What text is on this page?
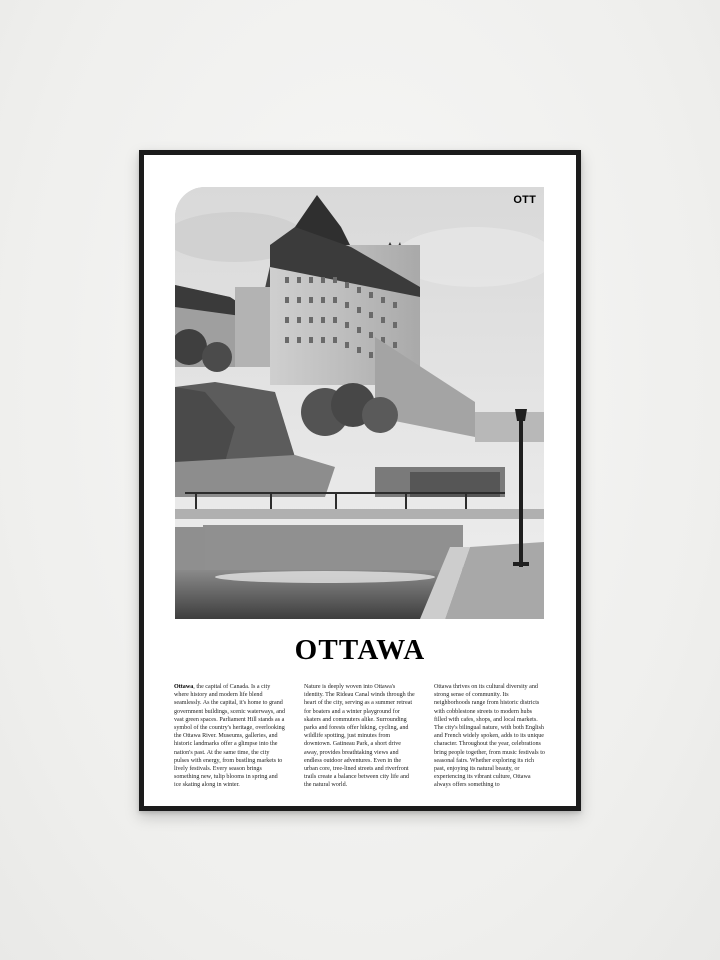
OTT
OTTAWA
Ottawa, the capital of Canada. Is a city where history and modern life blend seamlessly. As the capital, it's home to grand government buildings, scenic waterways, and vast green spaces. Parliament Hill stands as a symbol of the country's heritage, overlooking the Ottawa River. Museums, galleries, and historic landmarks offer a glimpse into the nation's past. At the same time, the city pulses with energy, from bustling markets to lively festivals. Every season brings something new, tulip blooms in spring and ice skating along in winter.
Nature is deeply woven into Ottawa's identity. The Rideau Canal winds through the heart of the city, serving as a summer retreat for boaters and a winter playground for skaters and commuters alike. Surrounding parks and forests offer hiking, cycling, and wildlife spotting, just minutes from downtown. Gatineau Park, a short drive away, provides breathtaking views and endless outdoor adventures. Even in the urban core, tree-lined streets and riverfront trails create a balance between city life and the natural world.
Ottawa thrives on its cultural diversity and strong sense of community. Its neighborhoods range from historic districts with cobblestone streets to modern hubs filled with cafes, shops, and local markets. The city's bilingual nature, with both English and French widely spoken, adds to its unique character. Throughout the year, celebrations bring people together, from music festivals to seasonal fairs. Whether exploring its rich past, enjoying its natural beauty, or experiencing its vibrant culture, Ottawa always offers something to
